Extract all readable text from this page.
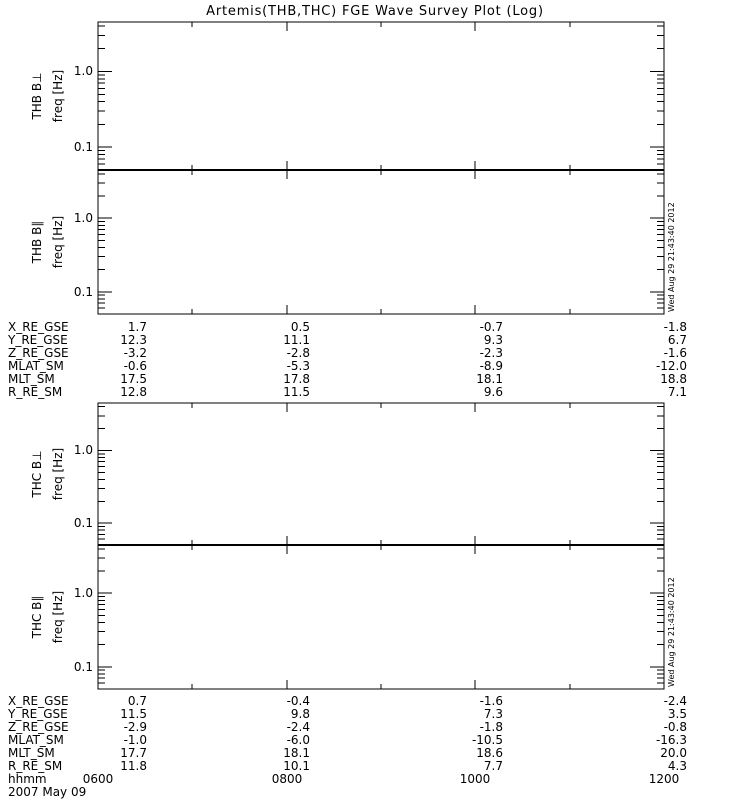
Artemis(THB,THC) FGE Wave Survey Plot (Log)
THB B⊥ freq [Hz] 1.0
0.1
THB B∥ freq [Hz] 1.0
0.1	Wed Aug 29 21:43:40 2012
THC B⊥ freq [Hz] 1.0
0.1
THC B∥ freq [Hz] 1.0
0.1	Wed Aug 29 21:43:40 2012
X_RE_GSE	1.7	0.5	-0.7	-1.8
Y_RE_GSE	12.3	11.1	9.3	6.7
Z_RE_GSE	-3.2	-2.8	-2.3	-1.6
MLAT_SM	-0.6	-5.3	-8.9	-12.0
MLT_SM	17.5	17.8	18.1	18.8
R_RE_SM	12.8	11.5	9.6	7.1
X_RE_GSE	0.7	-0.4	-1.6	-2.4
Y_RE_GSE	11.5	9.8	7.3	3.5
Z_RE_GSE	-2.9	-2.4	-1.8	-0.8
MLAT_SM	-1.0	-6.0	-10.5	-16.3
MLT_SM	17.7	18.1	18.6	20.0
R_RE_SM	11.8	10.1	7.7	4.3
hhmm	0600	0800	1000	1200
2007 May 09
